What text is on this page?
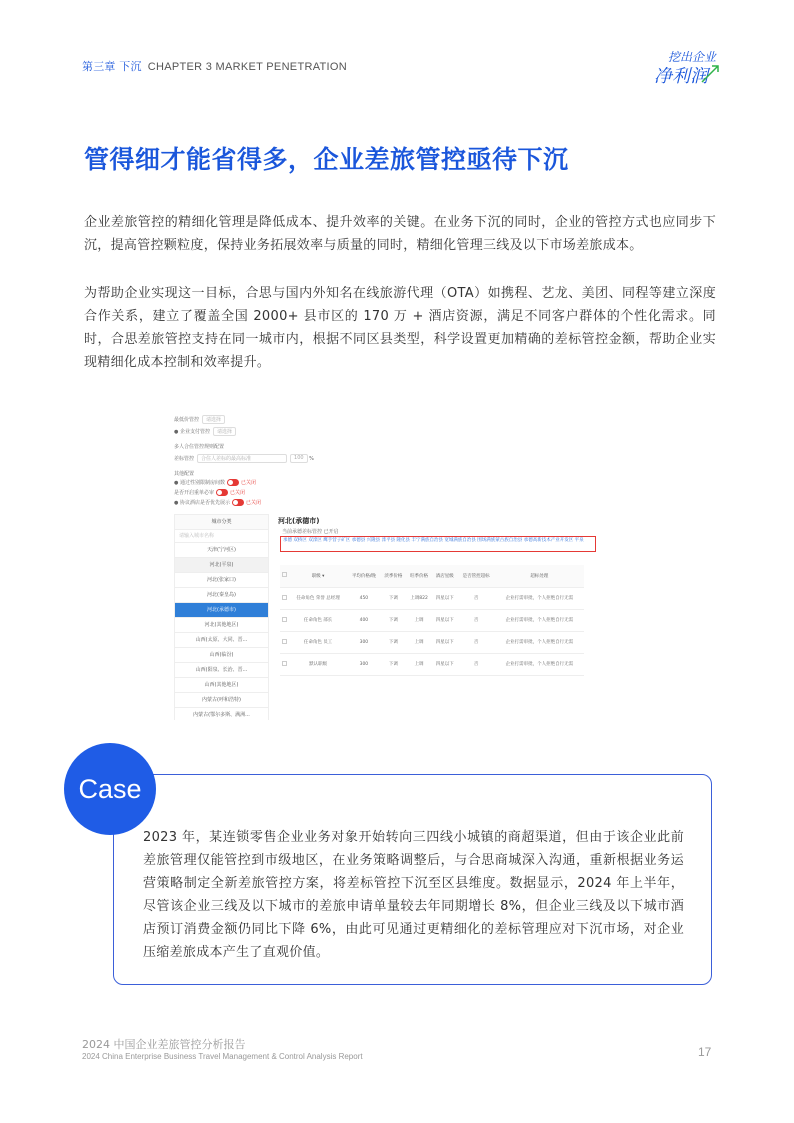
第三章 下沉 CHAPTER 3 MARKET PENETRATION
挖出企业
净利润
管得细才能省得多，企业差旅管控亟待下沉

企业差旅管控的精细化管理是降低成本、提升效率的关键。在业务下沉的同时，企业的管控方式也应同步下沉，提高管控颗粒度，保持业务拓展效率与质量的同时，精细化管理三线及以下市场差旅成本。

为帮助企业实现这一目标，合思与国内外知名在线旅游代理（OTA）如携程、艺龙、美团、同程等建立深度合作关系，建立了覆盖全国 2000+ 县市区的 170 万 + 酒店资源，满足不同客户群体的个性化需求。同时，合思差旅管控支持在同一城市内，根据不同区县类型，科学设置更加精确的差标管控金额，帮助企业实现精细化成本控制和效率提升。

最低价管控 请选择
● 企业支付管控 请选择
多人合住管控规则配置
差标管控 合住人差标的最高标准	100 %
其他配置
● 通过性别限制房间数	已关闭
是否开启重单必审	已关闭
● 协议酒店是否优先展示	已关闭
城市分类
请输入城市名称
天津(宁河区)
河北(平泉)
河北(张家口)
河北(秦皇岛)
河北(承德市)
河北(其他地区)
山西(太原、大同、晋...
山西(临汾)
山西(阳泉、长治、晋...
山西(其他地区)
内蒙古(呼和浩特)
内蒙古(鄂尔多斯、满洲...
河北(承德市)
当前承德差标管控 已开启
承德 双桥区 双滦区 鹰手营子矿区 承德县 兴隆县 滦平县 隆化县 丰宁满族自治县 宽城满族自治县 围场满族蒙古族自治县 承德高新技术产业开发区 平泉
	职级 ▾	平均价格/晚	淡季价格	旺季价格	酒店星级	是否管控超标	超标处理
	任命角色 荣誉 总经理	450	下调	上调822	四星以下	否	企业打需审批，个人拒绝自行无需
	任命角色 部长	400	下调	上调	四星以下	否	企业打需审批，个人拒绝自行无需
	任命角色 员工	300	下调	上调	四星以下	否	企业打需审批，个人拒绝自行无需
	默认职级	300	下调	上调	四星以下	否	企业打需审批，个人拒绝自行无需
Case

2023 年，某连锁零售企业业务对象开始转向三四线小城镇的商超渠道，但由于该企业此前差旅管理仅能管控到市级地区，在业务策略调整后，与合思商城深入沟通，重新根据业务运营策略制定全新差旅管控方案，将差标管控下沉至区县维度。数据显示，2024 年上半年，尽管该企业三线及以下城市的差旅申请单量较去年同期增长 8%，但企业三线及以下城市酒店预订消费金额仍同比下降 6%，由此可见通过更精细化的差标管理应对下沉市场，对企业压缩差旅成本产生了直观价值。

2024 中国企业差旅管控分析报告
2024 China Enterprise Business Travel Management & Control Analysis Report	17
